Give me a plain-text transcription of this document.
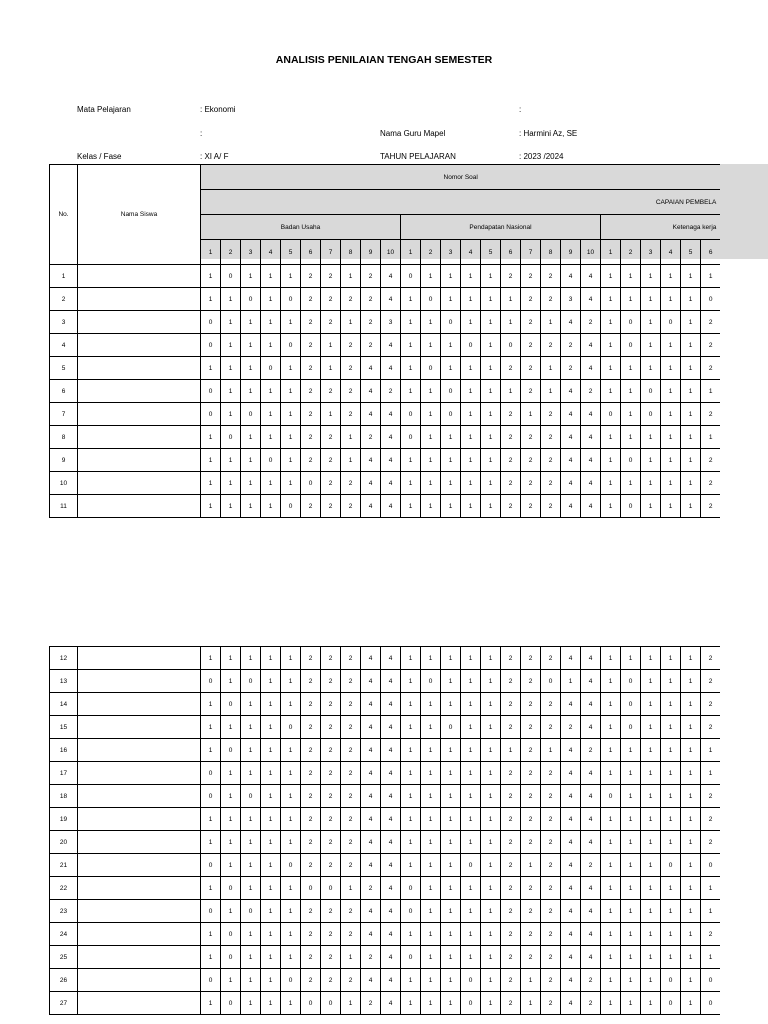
ANALISIS PENILAIAN TENGAH SEMESTER
Mata Pelajaran	: Ekonomi	:
:	Nama Guru Mapel	: Harmini Az, SE
Kelas / Fase	: XI A/ F	TAHUN PELAJARAN	: 2023 /2024
No.	Nama Siswa	Nomor Soal																									
		CAPAIAN PEMBELA																									
		Badan Usaha										Pendapatan Nasional										Ketenaga kerja					
		1	2	3	4	5	6	7	8	9	10	1	2	3	4	5	6	7	8	9	10	1	2	3	4	5	6
1		1	0	1	1	1	2	2	1	2	4	0	1	1	1	1	2	2	2	4	4	1	1	1	1	1	1
2		1	1	0	1	0	2	2	2	2	4	1	0	1	1	1	1	2	2	3	4	1	1	1	1	1	0
3		0	1	1	1	1	2	2	1	2	3	1	1	0	1	1	1	2	1	4	2	1	0	1	0	1	2
4		0	1	1	1	0	2	1	2	2	4	1	1	1	0	1	0	2	2	2	4	1	0	1	1	1	2
5		1	1	1	0	1	2	1	2	4	4	1	0	1	1	1	2	2	1	2	4	1	1	1	1	1	2
6		0	1	1	1	1	2	2	2	4	2	1	1	0	1	1	1	2	1	4	2	1	1	0	1	1	1
7		0	1	0	1	1	2	1	2	4	4	0	1	0	1	1	2	1	2	4	4	0	1	0	1	1	2
8		1	0	1	1	1	2	2	1	2	4	0	1	1	1	1	2	2	2	4	4	1	1	1	1	1	1
9		1	1	1	0	1	2	2	1	4	4	1	1	1	1	1	2	2	2	4	4	1	0	1	1	1	2
10		1	1	1	1	1	0	2	2	4	4	1	1	1	1	1	2	2	2	4	4	1	1	1	1	1	2
11		1	1	1	1	0	2	2	2	4	4	1	1	1	1	1	2	2	2	4	4	1	0	1	1	1	2
12		1	1	1	1	1	2	2	2	4	4	1	1	1	1	1	2	2	2	4	4	1	1	1	1	1	2
13		0	1	0	1	1	2	2	2	4	4	1	0	1	1	1	2	2	0	1	4	1	0	1	1	1	2
14		1	0	1	1	1	2	2	2	4	4	1	1	1	1	1	2	2	2	4	4	1	0	1	1	1	2
15		1	1	1	1	0	2	2	2	4	4	1	1	0	1	1	2	2	2	2	4	1	0	1	1	1	2
16		1	0	1	1	1	2	2	2	4	4	1	1	1	1	1	1	2	1	4	2	1	1	1	1	1	1
17		0	1	1	1	1	2	2	2	4	4	1	1	1	1	1	2	2	2	4	4	1	1	1	1	1	1
18		0	1	0	1	1	2	2	2	4	4	1	1	1	1	1	2	2	2	4	4	0	1	1	1	1	2
19		1	1	1	1	1	2	2	2	4	4	1	1	1	1	1	2	2	2	4	4	1	1	1	1	1	2
20		1	1	1	1	1	2	2	2	4	4	1	1	1	1	1	2	2	2	4	4	1	1	1	1	1	2
21		0	1	1	1	0	2	2	2	4	4	1	1	1	0	1	2	1	2	4	2	1	1	1	0	1	0
22		1	0	1	1	1	0	0	1	2	4	0	1	1	1	1	2	2	2	4	4	1	1	1	1	1	1
23		0	1	0	1	1	2	2	2	4	4	0	1	1	1	1	2	2	2	4	4	1	1	1	1	1	1
24		1	0	1	1	1	2	2	2	4	4	1	1	1	1	1	2	2	2	4	4	1	1	1	1	1	2
25		1	0	1	1	1	2	2	1	2	4	0	1	1	1	1	2	2	2	4	4	1	1	1	1	1	1
26		0	1	1	1	0	2	2	2	4	4	1	1	1	0	1	2	1	2	4	2	1	1	1	0	1	0
27		1	0	1	1	1	0	0	1	2	4	1	1	1	0	1	2	1	2	4	2	1	1	1	0	1	0
